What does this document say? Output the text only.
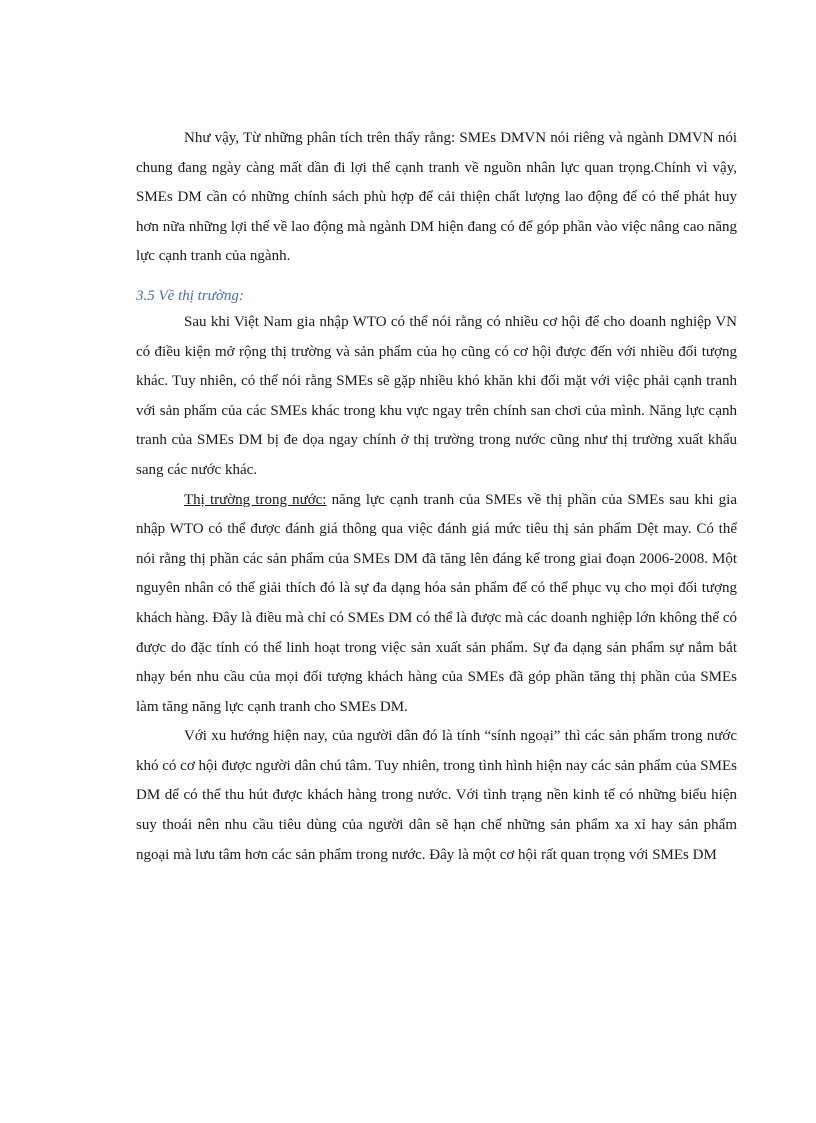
Như vậy, Từ những phân tích trên thấy rằng: SMEs DMVN nói riêng và ngành DMVN nói chung đang ngày càng mất dần đi lợi thế cạnh tranh về nguồn nhân lực quan trọng.Chính vì vậy, SMEs DM cần có những chính sách phù hợp để cải thiện chất lượng lao động để có thể phát huy hơn nữa những lợi thế về lao động mà ngành DM hiện đang có để góp phần vào việc nâng cao năng lực cạnh tranh của ngành.

3.5 Về thị trường:

Sau khi Việt Nam gia nhập WTO có thể nói rằng có nhiều cơ hội để cho doanh nghiệp VN có điều kiện mở rộng thị trường và sản phẩm của họ cũng có cơ hội được đến với nhiều đối tượng khác. Tuy nhiên, có thể nói rằng SMEs sẽ gặp nhiều khó khăn khi đối mặt với việc phải cạnh tranh với sản phẩm của các SMEs khác trong khu vực ngay trên chính san chơi của mình. Năng lực cạnh tranh của SMEs DM bị đe dọa ngay chính ở thị trường trong nước cũng như thị trường xuất khẩu sang các nước khác.

Thị trường trong nước: năng lực cạnh tranh của SMEs về thị phần của SMEs sau khi gia nhập WTO có thể được đánh giá thông qua việc đánh giá mức tiêu thị sản phẩm Dệt may. Có thể nói rằng thị phần các sản phẩm của SMEs DM đã tăng lên đáng kể trong giai đoạn 2006-2008. Một nguyên nhân có thể giải thích đó là sự đa dạng hóa sản phẩm để có thể phục vụ cho mọi đối tượng khách hàng. Đây là điều mà chỉ có SMEs DM có thể là được mà các doanh nghiệp lớn không thể có được do đặc tính có thể linh hoạt trong việc sản xuất sản phẩm. Sự đa dạng sản phẩm sự nắm bắt nhạy bén nhu cầu của mọi đối tượng khách hàng của SMEs đã góp phần tăng thị phần của SMEs làm tăng năng lực cạnh tranh cho SMEs DM.

Với xu hướng hiện nay, của người dân đó là tính “sính ngoại” thì các sản phẩm trong nước khó có cơ hội được người dân chú tâm. Tuy nhiên, trong tình hình hiện nay các sản phẩm của SMEs DM dể có thể thu hút được khách hàng trong nước. Với tình trạng nền kinh tế có những biểu hiện suy thoái nên nhu cầu tiêu dùng của người dân sẽ hạn chế những sản phẩm xa xỉ hay sản phẩm ngoại mà lưu tâm hơn các sản phẩm trong nước. Đây là một cơ hội rất quan trọng với SMEs DM
